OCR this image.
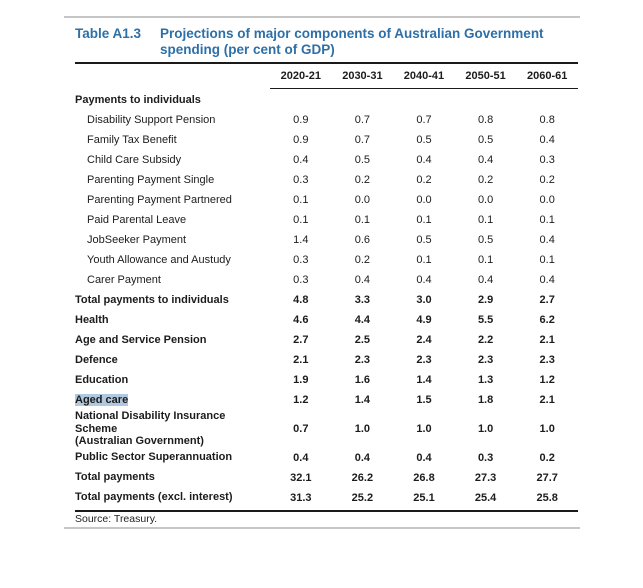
Table A1.3	Projections of major components of Australian Government spending (per cent of GDP)
2020-21	2030-31	2040-41	2050-51	2060-61
Payments to individuals
Disability Support Pension	0.9	0.7	0.7	0.8	0.8
Family Tax Benefit	0.9	0.7	0.5	0.5	0.4
Child Care Subsidy	0.4	0.5	0.4	0.4	0.3
Parenting Payment Single	0.3	0.2	0.2	0.2	0.2
Parenting Payment Partnered	0.1	0.0	0.0	0.0	0.0
Paid Parental Leave	0.1	0.1	0.1	0.1	0.1
JobSeeker Payment	1.4	0.6	0.5	0.5	0.4
Youth Allowance and Austudy	0.3	0.2	0.1	0.1	0.1
Carer Payment	0.3	0.4	0.4	0.4	0.4
Total payments to individuals	4.8	3.3	3.0	2.9	2.7
Health	4.6	4.4	4.9	5.5	6.2
Age and Service Pension	2.7	2.5	2.4	2.2	2.1
Defence	2.1	2.3	2.3	2.3	2.3
Education	1.9	1.6	1.4	1.3	1.2
Aged care	1.2	1.4	1.5	1.8	2.1
National Disability Insurance Scheme
(Australian Government)
0.7	1.0	1.0	1.0	1.0
Public Sector Superannuation	0.4	0.4	0.4	0.3	0.2
Total payments	32.1	26.2	26.8	27.3	27.7
Total payments (excl. interest)	31.3	25.2	25.1	25.4	25.8
Source: Treasury.
